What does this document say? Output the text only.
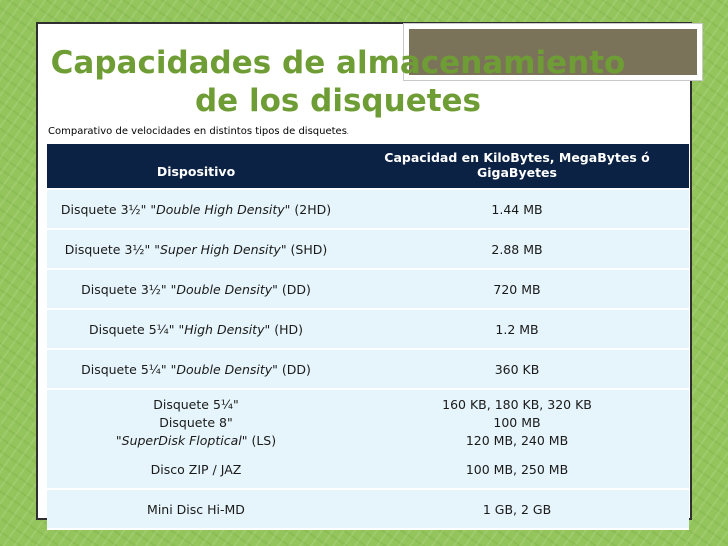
Capacidades de almacenamiento
de los disquetes

Comparativo de velocidades en distintos tipos de disquetes.

Dispositivo	Capacidad en KiloBytes, MegaBytes ó GigaByetes
Disquete 3½" "Double High Density" (2HD)	1.44 MB
Disquete 3½" "Super High Density" (SHD)	2.88 MB
Disquete 3½" "Double Density" (DD)	720 MB
Disquete 5¼" "High Density" (HD)	1.2 MB
Disquete 5¼" "Double Density" (DD)	360 KB
Disquete 5¼"	160 KB, 180 KB, 320 KB
Disquete 8"	100 MB
"SuperDisk Floptical" (LS)	120 MB, 240 MB
Disco ZIP / JAZ	100 MB, 250 MB
Mini Disc Hi-MD	1 GB, 2 GB
